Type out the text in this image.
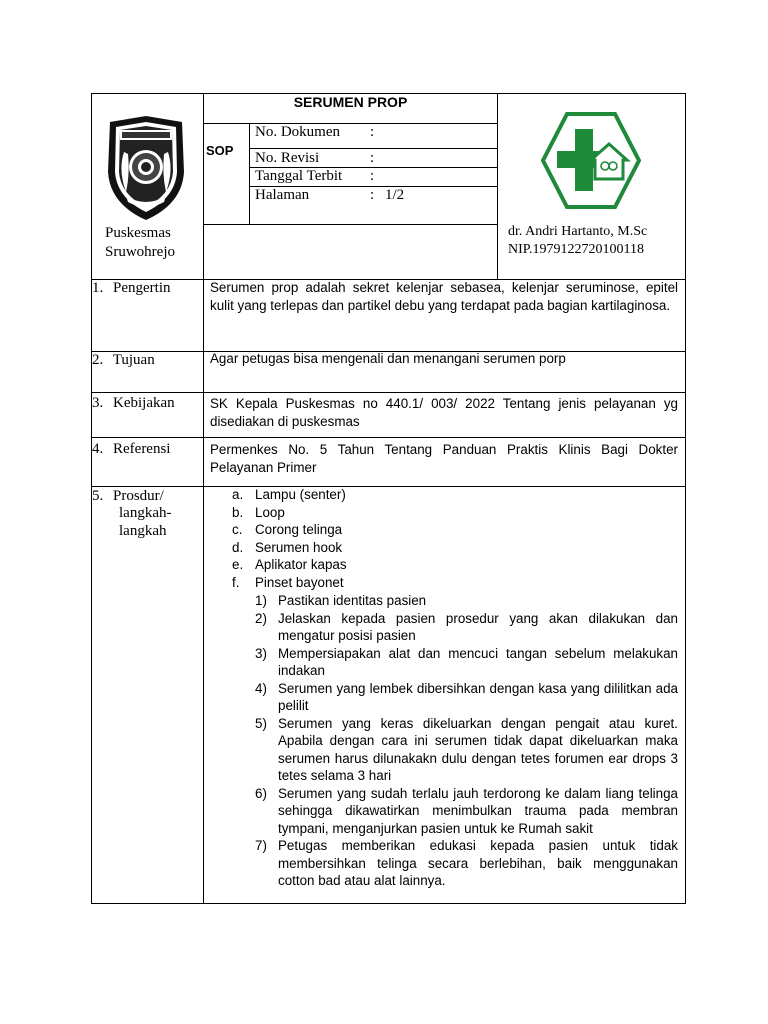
SERUMEN PROP
SOP
No. Dokumen :
No. Revisi	:
Tanggal Terbit :
Halaman	: 1/2
Puskesmas
Sruwohrejo
dr. Andri Hartanto, M.Sc
NIP.197912272010011​8
1. Pengertin
2. Tujuan
3. Kebijakan
4. Referensi
5. Prosdur/
langkah-
langkah
Serumen prop adalah sekret kelenjar sebasea, kelenjar seruminose, epitel kulit yang terlepas dan partikel debu yang terdapat pada bagian kartilaginosa.
Agar petugas bisa mengenali dan menangani serumen porp
SK Kepala Puskesmas no 440.1/ 003/ 2022 Tentang jenis pelayanan yg disediakan di puskesmas
Permenkes No. 5 Tahun Tentang Panduan Praktis Klinis Bagi Dokter Pelayanan Primer
a. Lampu (senter)
b. Loop
c. Corong telinga
d. Serumen hook
e. Aplikator kapas
f. Pinset bayonet
1) Pastikan identitas pasien
2) Jelaskan kepada pasien prosedur yang akan dilakukan dan mengatur posisi pasien
3) Mempersiapakan alat dan mencuci tangan sebelum melakukan indakan
4) Serumen yang lembek dibersihkan dengan kasa yang dililitkan ada pelilit
5) Serumen yang keras dikeluarkan dengan pengait atau kuret. Apabila dengan cara ini serumen tidak dapat dikeluarkan maka serumen harus dilunakakn dulu dengan tetes forumen ear drops 3 tetes selama 3 hari
6) Serumen yang sudah terlalu jauh terdorong ke dalam liang telinga sehingga dikawatirkan menimbulkan trauma pada membran tympani, menganjurkan pasien untuk ke Rumah sakit
7) Petugas memberikan edukasi kepada pasien untuk tidak membersihkan telinga secara berlebihan, baik menggunakan cotton bad atau alat lainnya.
